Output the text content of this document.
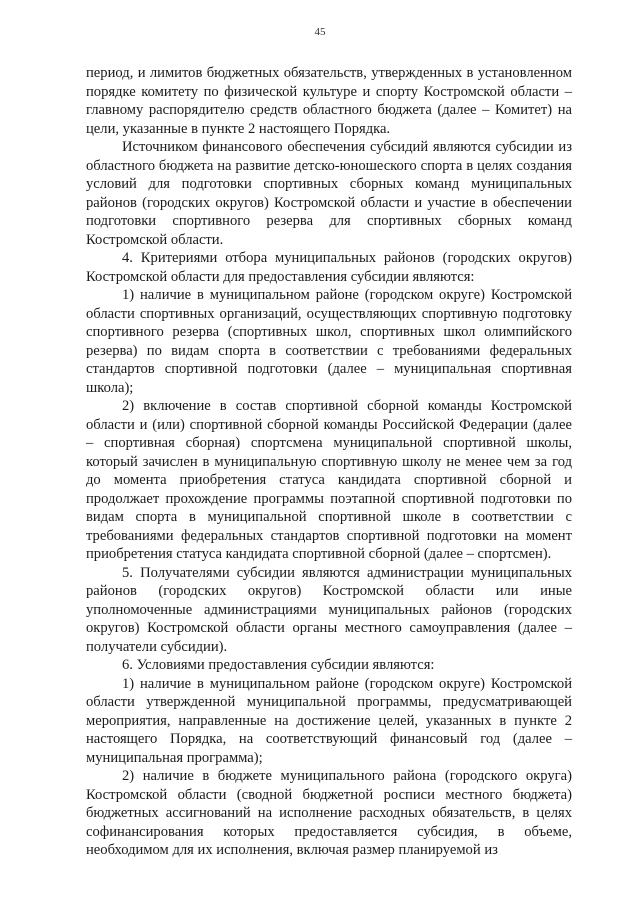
45

период, и лимитов бюджетных обязательств, утвержденных в установленном порядке комитету по физической культуре и спорту Костромской области – главному распорядителю средств областного бюджета (далее – Комитет) на цели, указанные в пункте 2 настоящего Порядка.

Источником финансового обеспечения субсидий являются субсидии из областного бюджета на развитие детско-юношеского спорта в целях создания условий для подготовки спортивных сборных команд муниципальных районов (городских округов) Костромской области и участие в обеспечении подготовки спортивного резерва для спортивных сборных команд Костромской области.

4. Критериями отбора муниципальных районов (городских округов) Костромской области для предоставления субсидии являются:

1) наличие в муниципальном районе (городском округе) Костромской области спортивных организаций, осуществляющих спортивную подготовку спортивного резерва (спортивных школ, спортивных школ олимпийского резерва) по видам спорта в соответствии с требованиями федеральных стандартов спортивной подготовки (далее – муниципальная спортивная школа);

2) включение в состав спортивной сборной команды Костромской области и (или) спортивной сборной команды Российской Федерации (далее – спортивная сборная) спортсмена муниципальной спортивной школы, который зачислен в муниципальную спортивную школу не менее чем за год до момента приобретения статуса кандидата спортивной сборной и продолжает прохождение программы поэтапной спортивной подготовки по видам спорта в муниципальной спортивной школе в соответствии с требованиями федеральных стандартов спортивной подготовки на момент приобретения статуса кандидата спортивной сборной (далее – спортсмен).

5. Получателями субсидии являются администрации муниципальных районов (городских округов) Костромской области или иные уполномоченные администрациями муниципальных районов (городских округов) Костромской области органы местного самоуправления (далее – получатели субсидии).

6. Условиями предоставления субсидии являются:

1) наличие в муниципальном районе (городском округе) Костромской области утвержденной муниципальной программы, предусматривающей мероприятия, направленные на достижение целей, указанных в пункте 2 настоящего Порядка, на соответствующий финансовый год (далее – муниципальная программа);

2) наличие в бюджете муниципального района (городского округа) Костромской области (сводной бюджетной росписи местного бюджета) бюджетных ассигнований на исполнение расходных обязательств, в целях софинансирования которых предоставляется субсидия, в объеме, необходимом для их исполнения, включая размер планируемой из
